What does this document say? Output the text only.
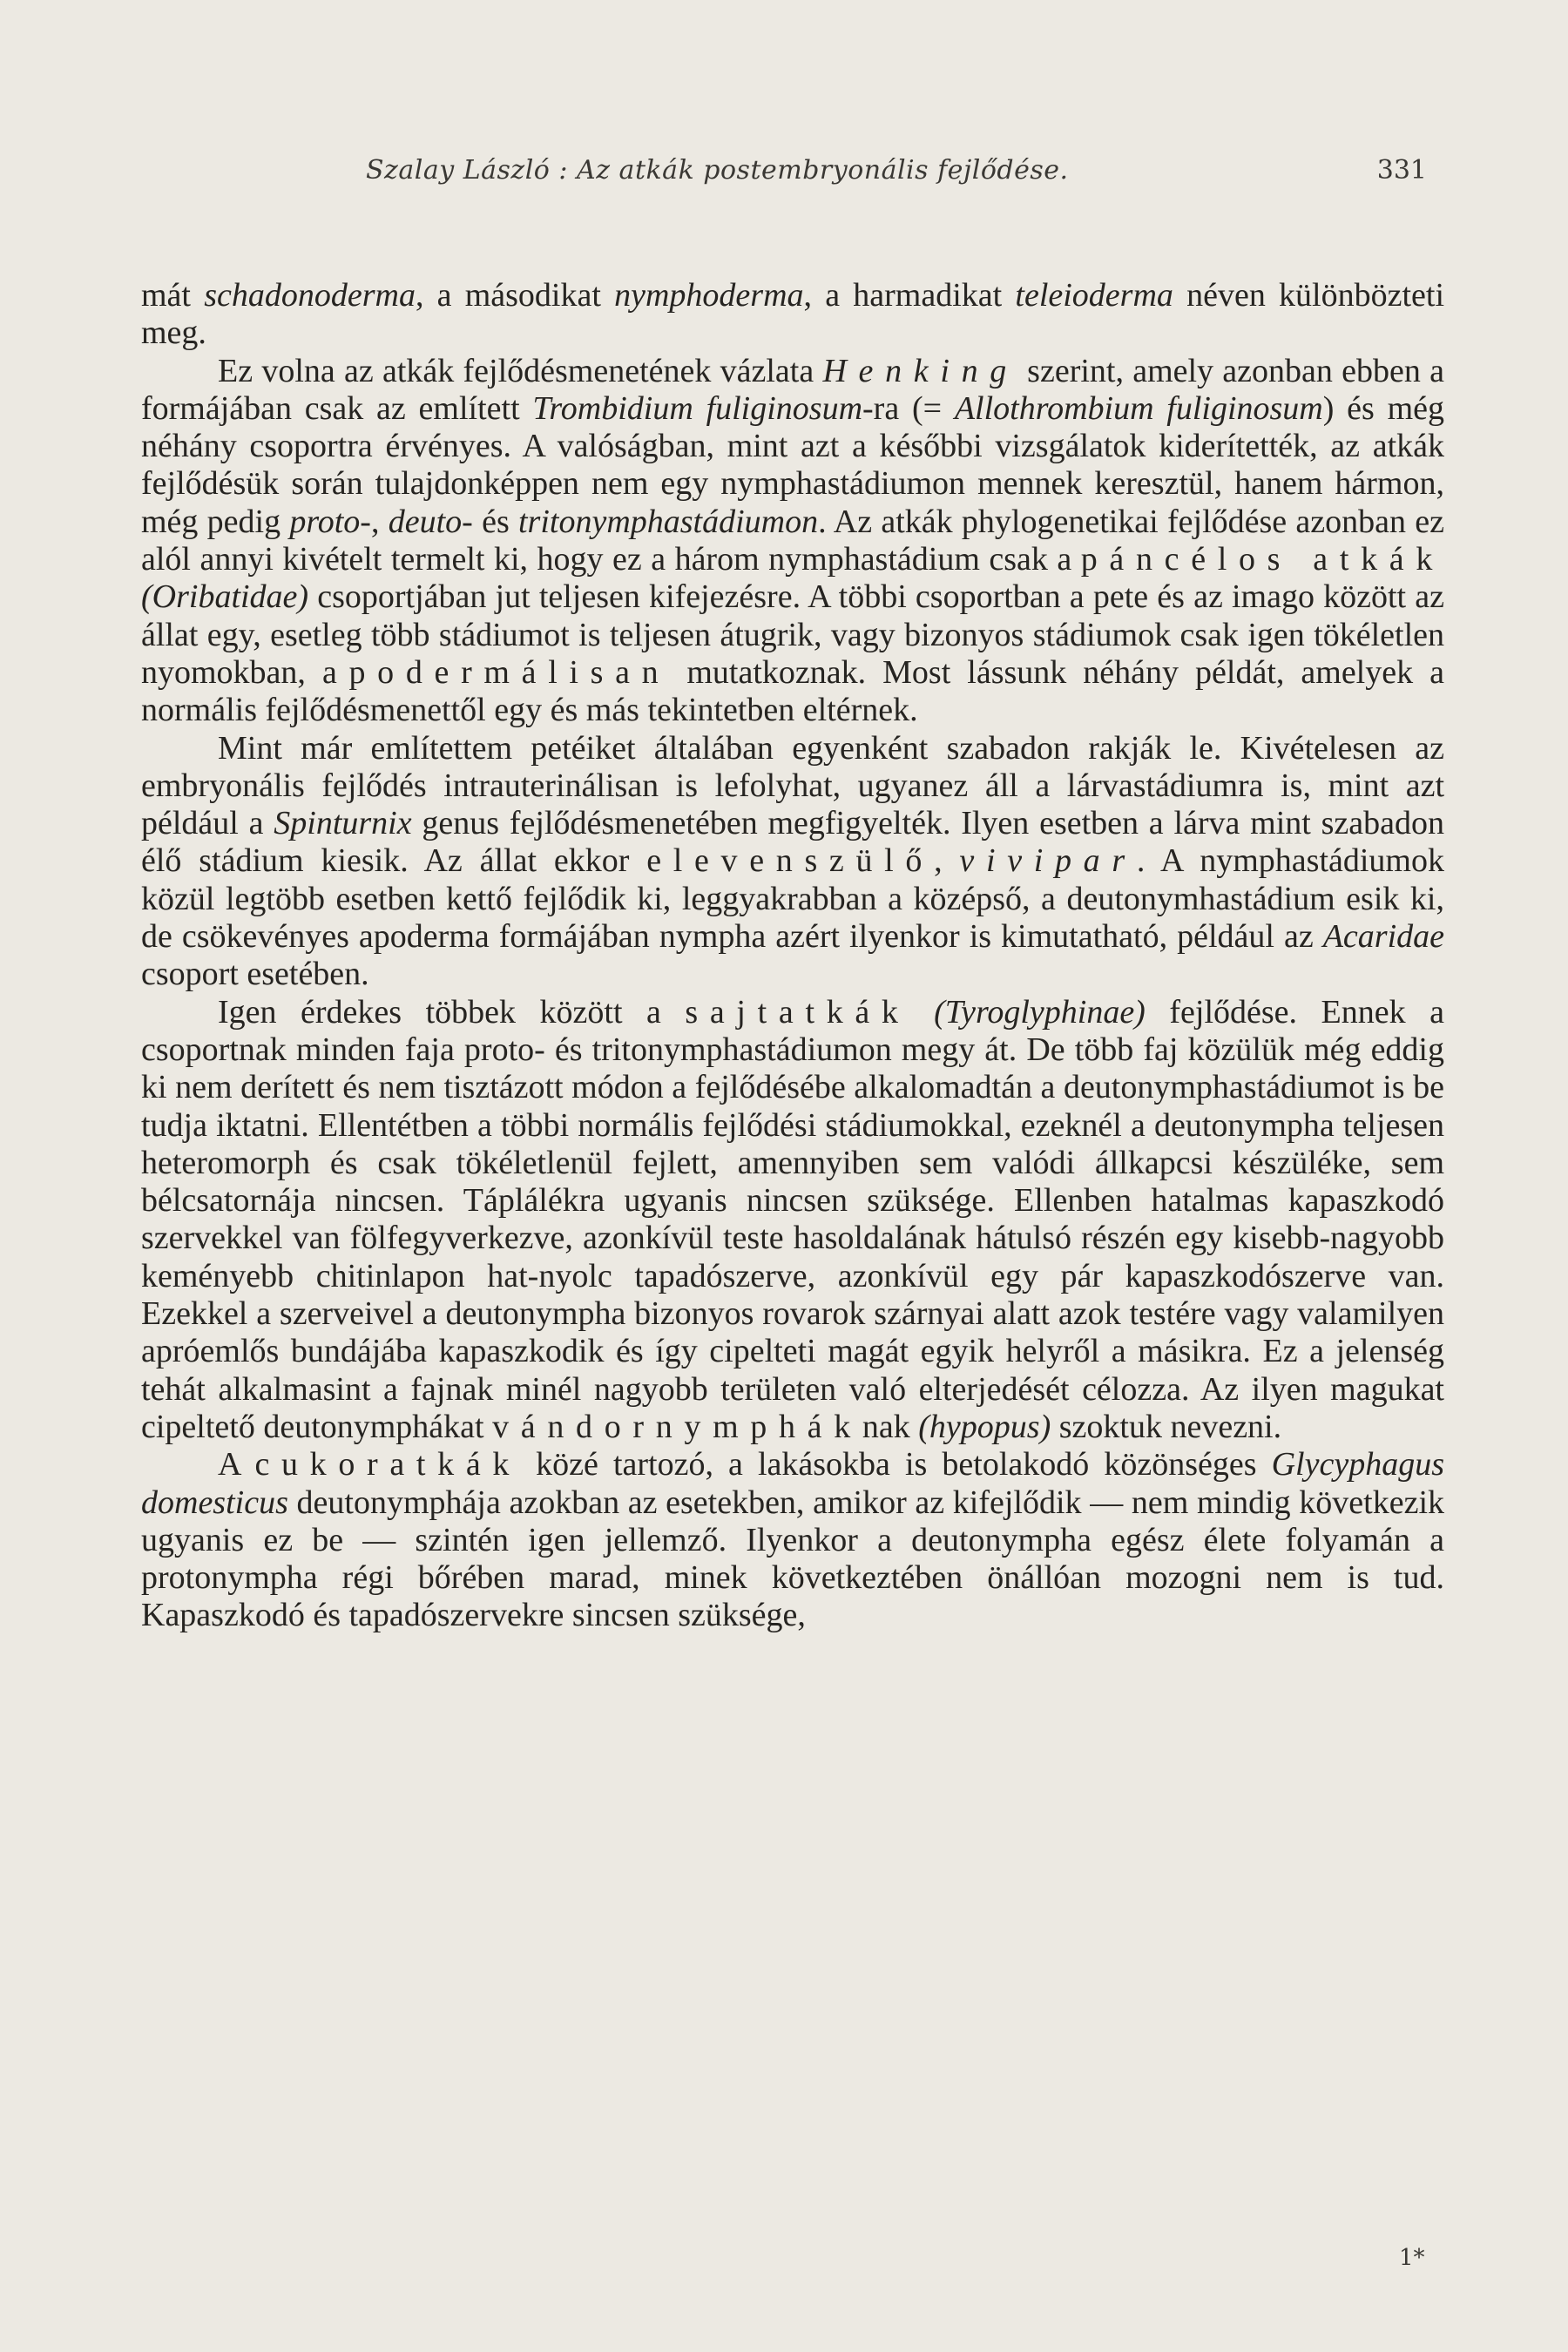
Szalay László : Az atkák postembryonális fejlődése.	331

mát schadonoderma, a másodikat nymphoderma, a harmadikat teleioderma néven különbözteti meg.

Ez volna az atkák fejlődésmenetének vázlata Henking szerint, amely azonban ebben a formájában csak az említett Trombidium fuliginosum-ra (= Allothrombium fuliginosum) és még néhány csoportra érvényes. A valóságban, mint azt a későbbi vizsgálatok kiderítették, az atkák fejlődésük során tulajdonképpen nem egy nymphastádiumon mennek keresztül, hanem hármon, még pedig proto-, deuto- és tritonymphastádiumon. Az atkák phylogenetikai fejlődése azonban ez alól annyi kivételt termelt ki, hogy ez a három nymphastádium csak a páncélos atkák (Oribatidae) csoportjában jut teljesen kifejezésre. A többi csoportban a pete és az imago között az állat egy, esetleg több stádiumot is teljesen átugrik, vagy bizonyos stádiumok csak igen tökéletlen nyomokban, apodermálisan mutatkoznak. Most lássunk néhány példát, amelyek a normális fejlődésmenettől egy és más tekintetben eltérnek.

Mint már említettem petéiket általában egyenként szabadon rakják le. Kivételesen az embryonális fejlődés intrauterinálisan is lefolyhat, ugyanez áll a lárvastádiumra is, mint azt például a Spinturnix genus fejlődésmenetében megfigyelték. Ilyen esetben a lárva mint szabadon élő stádium kiesik. Az állat ekkor elevenszülő, vivipar. A nymphastádiumok közül legtöbb esetben kettő fejlődik ki, leggyakrabban a középső, a deutonymhastádium esik ki, de csökevényes apoderma formájában nympha azért ilyenkor is kimutatható, például az Acaridae csoport esetében.

Igen érdekes többek között a sajtatkák (Tyroglyphinae) fejlődése. Ennek a csoportnak minden faja proto- és tritonymphastádiumon megy át. De több faj közülük még eddig ki nem derített és nem tisztázott módon a fejlődésébe alkalomadtán a deutonymphastádiumot is be tudja iktatni. Ellentétben a többi normális fejlődési stádiumokkal, ezeknél a deutonympha teljesen heteromorph és csak tökéletlenül fejlett, amennyiben sem valódi állkapcsi készüléke, sem bélcsatornája nincsen. Táplálékra ugyanis nincsen szüksége. Ellenben hatalmas kapaszkodó szervekkel van fölfegyverkezve, azonkívül teste hasoldalának hátulsó részén egy kisebb-nagyobb keményebb chitinlapon hat-nyolc tapadószerve, azonkívül egy pár kapaszkodószerve van. Ezekkel a szerveivel a deutonympha bizonyos rovarok szárnyai alatt azok testére vagy valamilyen apróemlős bundájába kapaszkodik és így cipelteti magát egyik helyről a másikra. Ez a jelenség tehát alkalmasint a fajnak minél nagyobb területen való elterjedését célozza. Az ilyen magukat cipeltető deutonymphákat vándornympháknak (hypopus) szoktuk nevezni.

A cukoratkák közé tartozó, a lakásokba is betolakodó közönséges Glycyphagus domesticus deutonymphája azokban az esetekben, amikor az kifejlődik — nem mindig következik ugyanis ez be — szintén igen jellemző. Ilyenkor a deutonympha egész élete folyamán a protonympha régi bőrében marad, minek következtében önállóan mozogni nem is tud. Kapaszkodó és tapadószervekre sincsen szüksége,

1*
